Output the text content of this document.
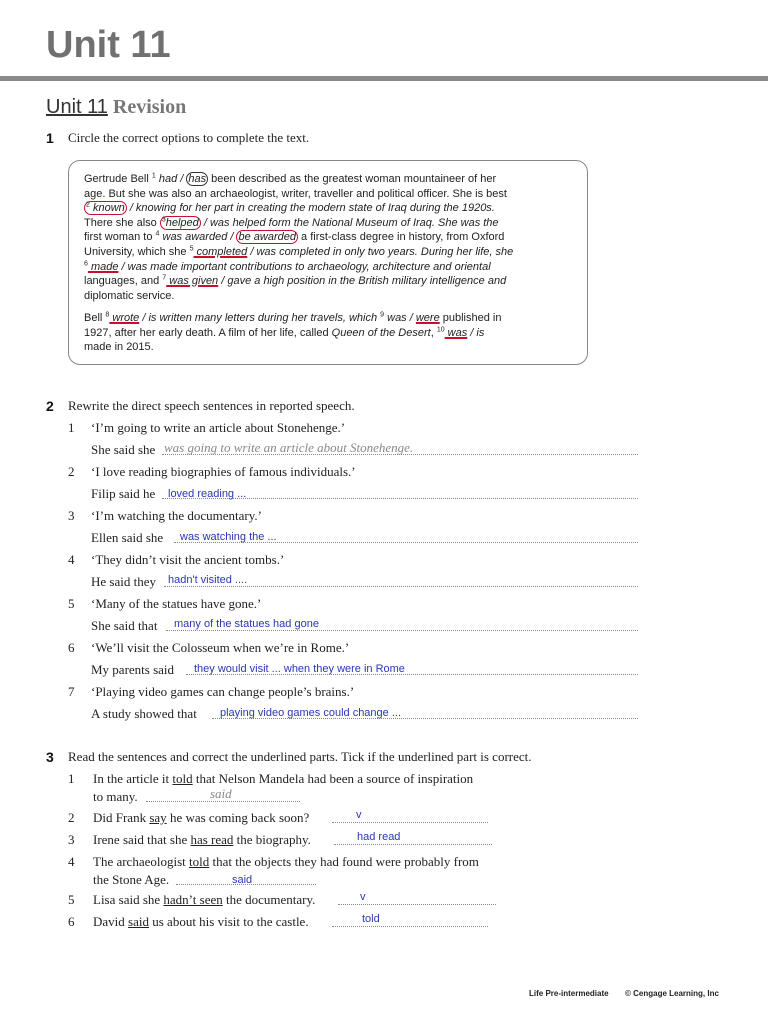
Unit 11
Unit 11 Revision
1 Circle the correct options to complete the text.
Gertrude Bell $^1$ had / has been described as the greatest woman mountaineer of her
age. But she was also an archaeologist, writer, traveller and political officer. She is best
$^2$ known / knowing for her part in creating the modern state of Iraq during the 1920s.
There she also $^3$helped / was helped form the National Museum of Iraq. She was the
first woman to $^4$ was awarded / be awarded a first-class degree in history, from Oxford
University, which she $^5$ completed / was completed in only two years. During her life, she
$^6$ made / was made important contributions to archaeology, architecture and oriental
languages, and $^7$ was given / gave a high position in the British military intelligence and
diplomatic service.
Bell $^8$ wrote / is written many letters during her travels, which $^9$ was / were published in
1927, after her early death. A film of her life, called Queen of the Desert, $^{10}$ was / is
made in 2015.
2 Rewrite the direct speech sentences in reported speech.
1 ‘I’m going to write an article about Stonehenge.’
She said she was going to write an article about Stonehenge.
2 ‘I love reading biographies of famous individuals.’
Filip said he loved reading ...
3 ‘I’m watching the documentary.’
Ellen said she was watching the ...
4 ‘They didn’t visit the ancient tombs.’
He said they hadn't visited ....
5 ‘Many of the statues have gone.’
She said that many of the statues had gone
6 ‘We’ll visit the Colosseum when we’re in Rome.’
My parents said they would visit ... when they were in Rome
7 ‘Playing video games can change people’s brains.’
A study showed that playing video games could change ...
3 Read the sentences and correct the underlined parts. Tick if the underlined part is correct.
1 In the article it told that Nelson Mandela had been a source of inspiration
to many.	said
2 Did Frank say he was coming back soon?	v
3 Irene said that she has read the biography.	had read
4 The archaeologist told that the objects they had found were probably from
the Stone Age.	said
5 Lisa said she hadn’t seen the documentary.	v
6 David said us about his visit to the castle.	told
Life Pre-intermediate © Cengage Learning, Inc
